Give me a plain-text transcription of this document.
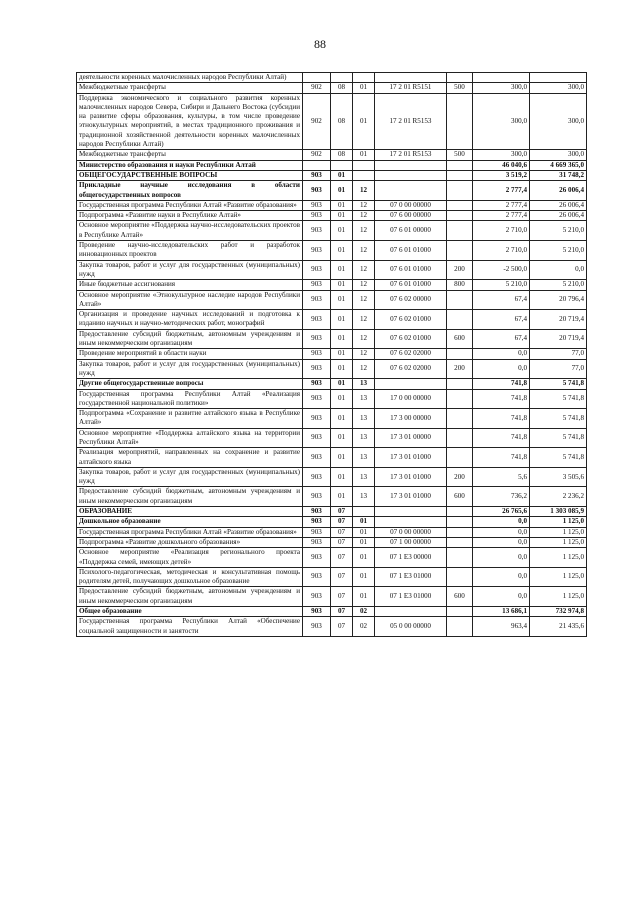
88
деятельности коренных малочисленных народов Республики Алтай)							
Межбюджетные трансферты	902	08	01	17 2 01 R5151	500	300,0	300,0
Поддержка экономического и социального развития коренных малочисленных народов Севера, Сибири и Дальнего Востока (субсидии на развитие сферы образования, культуры, в том числе проведение этнокультурных мероприятий, в местах традиционного проживания и традиционной хозяйственной деятельности коренных малочисленных народов Республики Алтай)	902	08	01	17 2 01 R5153		300,0	300,0
Межбюджетные трансферты	902	08	01	17 2 01 R5153	500	300,0	300,0
Министерство образования и науки Республики Алтай						46 040,6	4 669 365,0
ОБЩЕГОСУДАРСТВЕННЫЕ ВОПРОСЫ	903	01				3 519,2	31 748,2
Прикладные научные исследования в области общегосударственных вопросов	903	01	12			2 777,4	26 006,4
Государственная программа Республики Алтай «Развитие образования»	903	01	12	07 0 00 00000		2 777,4	26 006,4
Подпрограмма «Развитие науки в Республике Алтай»	903	01	12	07 6 00 00000		2 777,4	26 006,4
Основное мероприятие «Поддержка научно-исследовательских проектов в Республике Алтай»	903	01	12	07 6 01 00000		2 710,0	5 210,0
Проведение научно-исследовательских работ и разработок инновационных проектов	903	01	12	07 6 01 01000		2 710,0	5 210,0
Закупка товаров, работ и услуг для государственных (муниципальных) нужд	903	01	12	07 6 01 01000	200	-2 500,0	0,0
Иные бюджетные ассигнования	903	01	12	07 6 01 01000	800	5 210,0	5 210,0
Основное мероприятие «Этнокультурное наследие народов Республики Алтай»	903	01	12	07 6 02 00000		67,4	20 796,4
Организация и проведение научных исследований и подготовка к изданию научных и научно-методических работ, монографий	903	01	12	07 6 02 01000		67,4	20 719,4
Предоставление субсидий бюджетным, автономным учреждениям и иным некоммерческим организациям	903	01	12	07 6 02 01000	600	67,4	20 719,4
Проведение мероприятий в области науки	903	01	12	07 6 02 02000		0,0	77,0
Закупка товаров, работ и услуг для государственных (муниципальных) нужд	903	01	12	07 6 02 02000	200	0,0	77,0
Другие общегосударственные вопросы	903	01	13			741,8	5 741,8
Государственная программа Республики Алтай «Реализация государственной национальной политики»	903	01	13	17 0 00 00000		741,8	5 741,8
Подпрограмма «Сохранение и развитие алтайского языка в Республике Алтай»	903	01	13	17 3 00 00000		741,8	5 741,8
Основное мероприятие «Поддержка алтайского языка на территории Республики Алтай»	903	01	13	17 3 01 00000		741,8	5 741,8
Реализация мероприятий, направленных на сохранение и развитие алтайского языка	903	01	13	17 3 01 01000		741,8	5 741,8
Закупка товаров, работ и услуг для государственных (муниципальных) нужд	903	01	13	17 3 01 01000	200	5,6	3 505,6
Предоставление субсидий бюджетным, автономным учреждениям и иным некоммерческим организациям	903	01	13	17 3 01 01000	600	736,2	2 236,2
ОБРАЗОВАНИЕ	903	07				26 765,6	1 303 085,9
Дошкольное образование	903	07	01			0,0	1 125,0
Государственная программа Республики Алтай «Развитие образования»	903	07	01	07 0 00 00000		0,0	1 125,0
Подпрограмма «Развитие дошкольного образования»	903	07	01	07 1 00 00000		0,0	1 125,0
Основное мероприятие «Реализация регионального проекта «Поддержка семей, имеющих детей»	903	07	01	07 1 E3 00000		0,0	1 125,0
Психолого-педагогическая, методическая и консультативная помощь родителям детей, получающих дошкольное образование	903	07	01	07 1 E3 01000		0,0	1 125,0
Предоставление субсидий бюджетным, автономным учреждениям и иным некоммерческим организациям	903	07	01	07 1 E3 01000	600	0,0	1 125,0
Общее образование	903	07	02			13 686,1	732 974,8
Государственная программа Республики Алтай «Обеспечение социальной защищенности и занятости	903	07	02	05 0 00 00000		963,4	21 435,6
